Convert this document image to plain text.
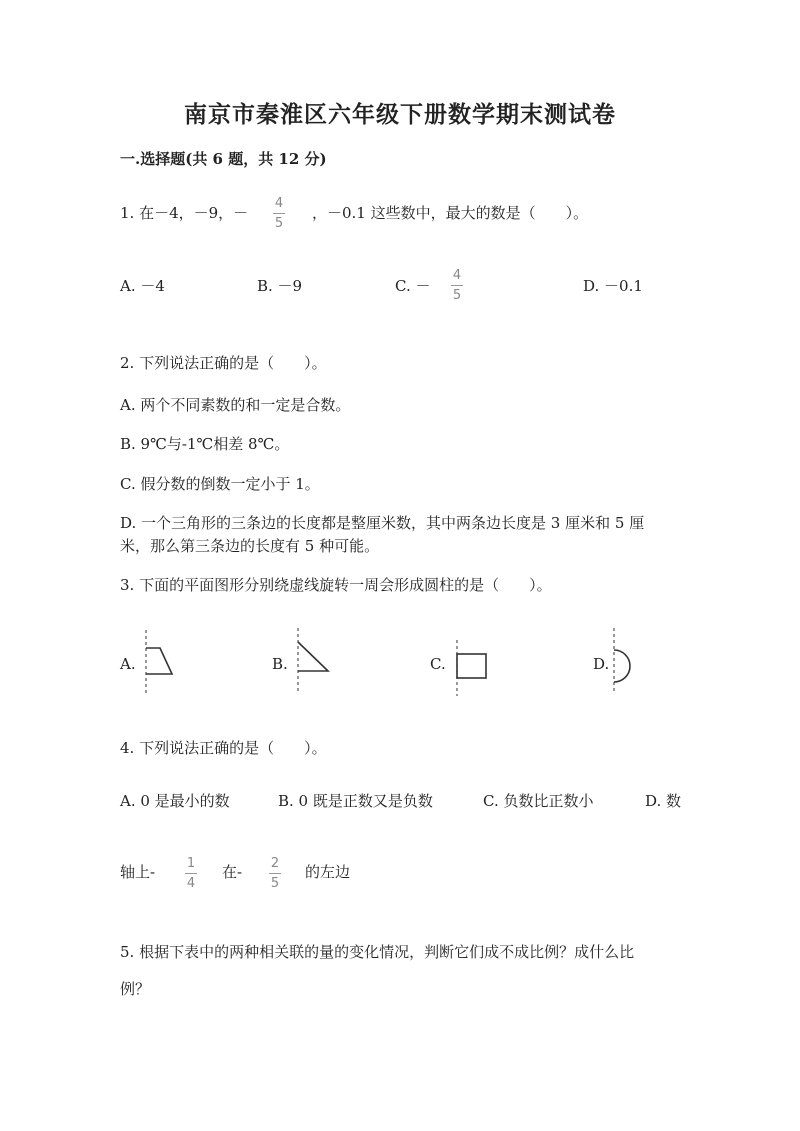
南京市秦淮区六年级下册数学期末测试卷
一.选择题(共 6 题，共 12 分)
1. 在－4，－9，－
4
5
，－0.1 这些数中，最大的数是（　　）。
A. －4	B. －9	C. －
4
5
D. －0.1
2. 下列说法正确的是（　　）。
A. 两个不同素数的和一定是合数。
B. 9℃与-1℃相差 8℃。
C. 假分数的倒数一定小于 1。
D. 一个三角形的三条边的长度都是整厘米数，其中两条边长度是 3 厘米和 5 厘
米，那么第三条边的长度有 5 种可能。
3. 下面的平面图形分别绕虚线旋转一周会形成圆柱的是（　　）。
A.	B.	C.	D.
4. 下列说法正确的是（　　）。
A. 0 是最小的数	B. 0 既是正数又是负数	C. 负数比正数小	D. 数
轴上- 1
4
在- 2
5
的左边
5. 根据下表中的两种相关联的量的变化情况，判断它们成不成比例？成什么比
例？
